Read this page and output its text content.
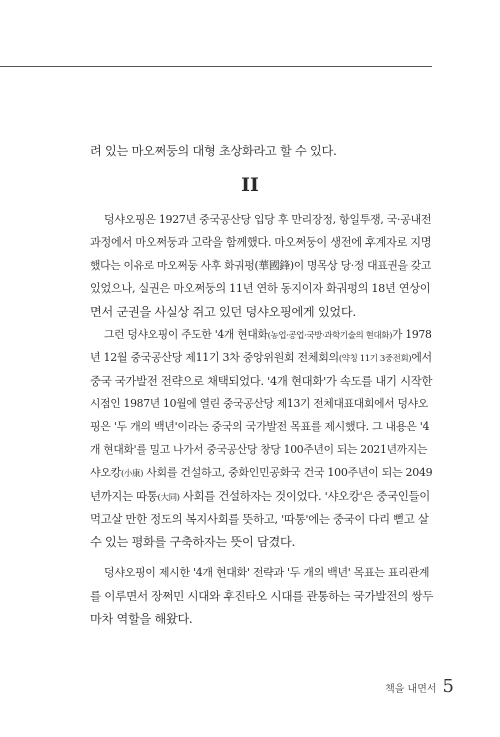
려 있는 마오쩌둥의 대형 초상화라고 할 수 있다.
II
덩샤오핑은 1927년 중국공산당 입당 후 만리장정, 항일투쟁, 국·공내전
과정에서 마오쩌둥과 고락을 함께했다. 마오쩌둥이 생전에 후계자로 지명
했다는 이유로 마오쩌둥 사후 화궈펑(華國鋒)이 명목상 당·정 대표권을 갖고
있었으나, 실권은 마오쩌둥의 11년 연하 동지이자 화궈펑의 18년 연상이
면서 군권을 사실상 쥐고 있던 덩샤오핑에게 있었다.
그런 덩샤오핑이 주도한 '4개 현대화(농업·공업·국방·과학기술의 현대화)가 1978
년 12월 중국공산당 제11기 3차 중앙위원회 전체회의(약칭 11기 3중전회)에서
중국 국가발전 전략으로 채택되었다. '4개 현대화'가 속도를 내기 시작한
시점인 1987년 10월에 열린 중국공산당 제13기 전체대표대회에서 덩샤오
핑은 '두 개의 백년'이라는 중국의 국가발전 목표를 제시했다. 그 내용은 '4
개 현대화'를 밀고 나가서 중국공산당 창당 100주년이 되는 2021년까지는
샤오캉(小康) 사회를 건설하고, 중화인민공화국 건국 100주년이 되는 2049
년까지는 따통(大同) 사회를 건설하자는 것이었다. '샤오캉'은 중국인들이
먹고살 만한 정도의 복지사회를 뜻하고, '따통'에는 중국이 다리 뻗고 살
수 있는 평화를 구축하자는 뜻이 담겼다.
덩샤오핑이 제시한 '4개 현대화' 전략과 '두 개의 백년' 목표는 표리관계
를 이루면서 장쩌민 시대와 후진타오 시대를 관통하는 국가발전의 쌍두
마차 역할을 해왔다.
책을 내면서 5
